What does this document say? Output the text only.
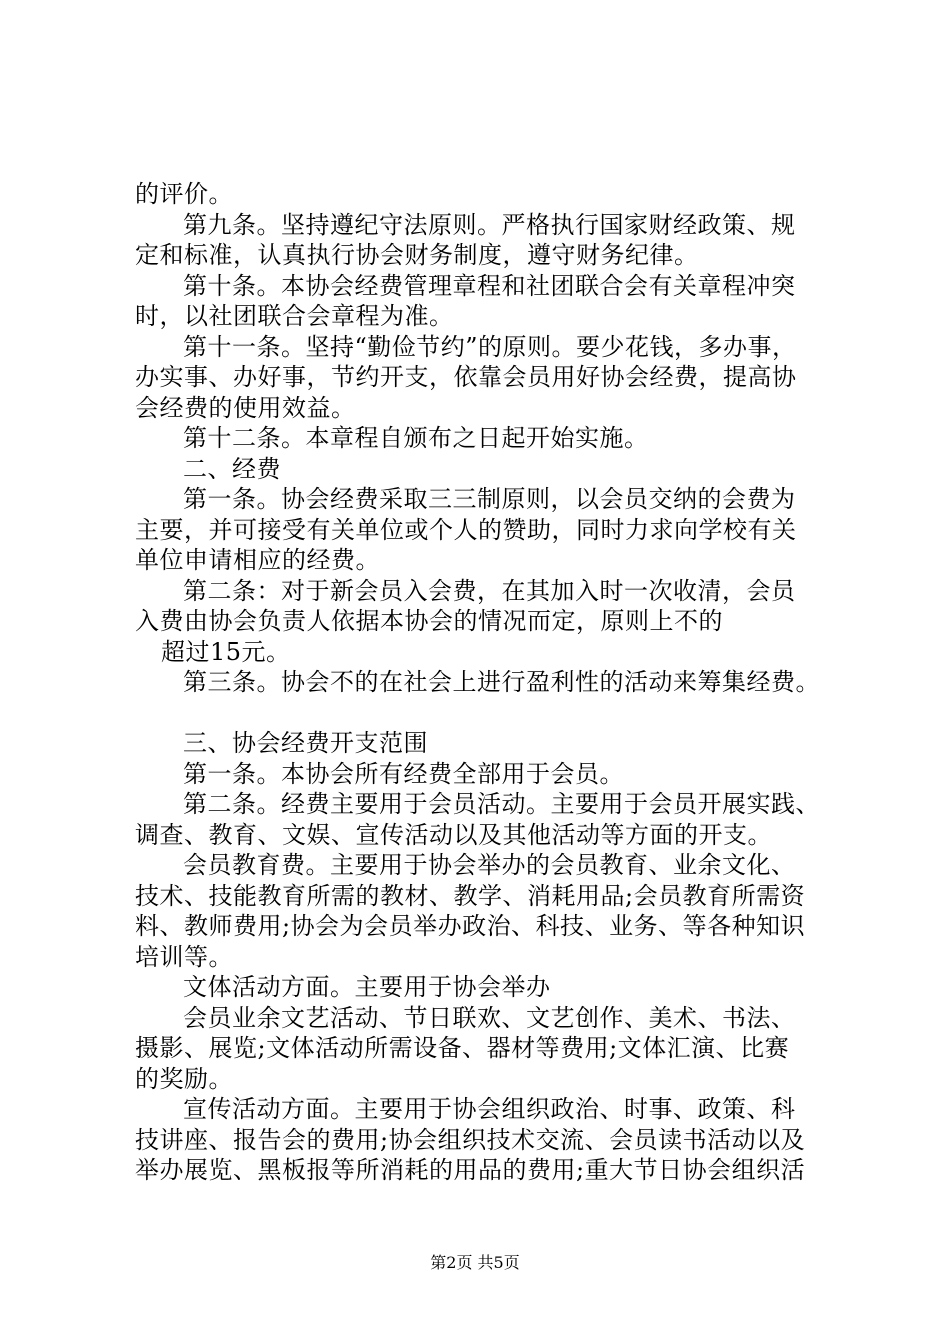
的评价。
第九条。坚持遵纪守法原则。严格执行国家财经政策、规
定和标准，认真执行协会财务制度，遵守财务纪律。
第十条。本协会经费管理章程和社团联合会有关章程冲突
时，以社团联合会章程为准。
第十一条。坚持“勤俭节约”的原则。要少花钱，多办事，
办实事、办好事，节约开支，依靠会员用好协会经费，提高协
会经费的使用效益。
第十二条。本章程自颁布之日起开始实施。
二、经费
第一条。协会经费采取三三制原则，以会员交纳的会费为
主要，并可接受有关单位或个人的赞助，同时力求向学校有关
单位申请相应的经费。
第二条：对于新会员入会费，在其加入时一次收清，会员
入费由协会负责人依据本协会的情况而定，原则上不的
超过15元。
第三条。协会不的在社会上进行盈利性的活动来筹集经费。
三、协会经费开支范围
第一条。本协会所有经费全部用于会员。
第二条。经费主要用于会员活动。主要用于会员开展实践、
调查、教育、文娱、宣传活动以及其他活动等方面的开支。
会员教育费。主要用于协会举办的会员教育、业余文化、
技术、技能教育所需的教材、教学、消耗用品;会员教育所需资
料、教师费用;协会为会员举办政治、科技、业务、等各种知识
培训等。
文体活动方面。主要用于协会举办
会员业余文艺活动、节日联欢、文艺创作、美术、书法、
摄影、展览;文体活动所需设备、器材等费用;文体汇演、比赛
的奖励。
宣传活动方面。主要用于协会组织政治、时事、政策、科
技讲座、报告会的费用;协会组织技术交流、会员读书活动以及
举办展览、黑板报等所消耗的用品的费用;重大节日协会组织活
第2页 共5页
